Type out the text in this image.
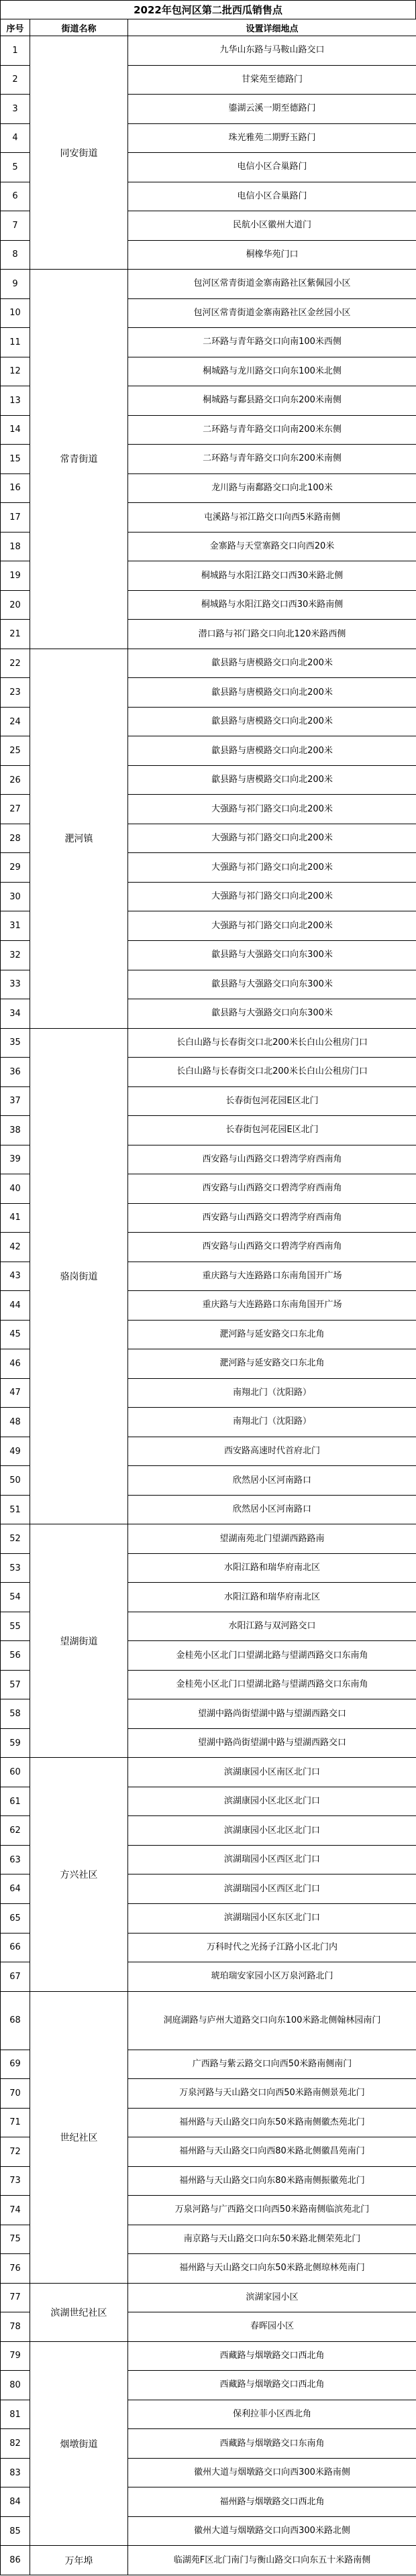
2022年包河区第二批西瓜销售点
序号	街道名称	设置详细地点
1	同安街道	九华山东路与马鞍山路交口
2		甘棠苑至德路门
3		鎏湖云溪一期至德路门
4		珠光雅苑二期野玉路门
5		电信小区合巢路门
6		电信小区合巢路门
7		民航小区徽州大道门
8		桐橡华苑门口
9	常青街道	包河区常青街道金寨南路社区紫佩园小区
10		包河区常青街道金寨南路社区金丝园小区
11		二环路与青年路交口向南100米西侧
12		桐城路与龙川路交口向东100米北侧
13		桐城路与鄱县路交口向东200米南侧
14		二环路与青年路交口向南200米东侧
15		二环路与青年路交口向东200米南侧
16		龙川路与南鄱路交口向北100米
17		屯溪路与祁江路交口向西5米路南侧
18		金寨路与天堂寨路交口向西20米
19		桐城路与水阳江路交口西30米路北侧
20		桐城路与水阳江路交口西30米路南侧
21		潜口路与祁门路交口向北120米路西侧
22	淝河镇	歙县路与唐模路交口向北200米
23		歙县路与唐模路交口向北200米
24		歙县路与唐模路交口向北200米
25		歙县路与唐模路交口向北200米
26		歙县路与唐模路交口向北200米
27		大强路与祁门路交口向北200米
28		大强路与祁门路交口向北200米
29		大强路与祁门路交口向北200米
30		大强路与祁门路交口向北200米
31		大强路与祁门路交口向北200米
32		歙县路与大强路交口向东300米
33		歙县路与大强路交口向东300米
34		歙县路与大强路交口向东300米
35	骆岗街道	长白山路与长春街交口北200米长白山公租房门口
36		长白山路与长春街交口北200米长白山公租房门口
37		长春街包河花园E区北门
38		长春街包河花园E区北门
39		西安路与山西路交口碧湾学府西南角
40		西安路与山西路交口碧湾学府西南角
41		西安路与山西路交口碧湾学府西南角
42		西安路与山西路交口碧湾学府西南角
43		重庆路与大连路路口东南角国开广场
44		重庆路与大连路路口东南角国开广场
45		淝河路与延安路交口东北角
46		淝河路与延安路交口东北角
47		南翔北门（沈阳路）
48		南翔北门（沈阳路）
49		西安路高速时代首府北门
50		欣然居小区河南路口
51		欣然居小区河南路口
52	望湖街道	望湖南苑北门望湖西路路南
53		水阳江路和瑞华府南北区
54		水阳江路和瑞华府南北区
55		水阳江路与双河路交口
56		金桂苑小区北门口望湖北路与望湖西路交口东南角
57		金桂苑小区北门口望湖北路与望湖西路交口东南角
58		望湖中路尚街望湖中路与望湖西路交口
59		望湖中路尚街望湖中路与望湖西路交口
60	方兴社区	滨湖康园小区南区北门口
61		滨湖康园小区北区北门口
62		滨湖康园小区北区北门口
63		滨湖瑞园小区西区北门口
64		滨湖瑞园小区西区北门口
65		滨湖瑞园小区东区北门口
66		万科时代之光扬子江路小区北门内
67		琥珀瑞安家园小区万泉河路北门
68	世纪社区	洞庭湖路与庐州大道路交口向东100米路北侧翰林园南门
69		广西路与紫云路交口向西50米路南侧南门
70		万泉河路与天山路交口向西50米路南侧景苑北门
71		福州路与天山路交口向东50米路南侧徽杰苑北门
72		福州路与天山路交口向西80米路北侧徽昌苑南门
73		福州路与天山路交口向东80米路南侧振徽苑北门
74		万泉河路与广西路交口向西50米路南侧临滨苑北门
75		南京路与天山路交口向东50米路北侧荣苑北门
76		福州路与天山路交口向东50米路北侧琼林苑南门
77	滨湖世纪社区	滨湖家园小区
78		春晖园小区
79	烟墩街道	西藏路与烟墩路交口西北角
80		西藏路与烟墩路交口西北角
81		保利拉菲小区西北角
82		西藏路与烟墩路交口东南角
83		徽州大道与烟墩路交口向西300米路南侧
84		福州路与烟墩路交口西北角
85		徽州大道与烟墩路交口向西300米路北侧
86	万年埠	临湖苑F区北门南门与衡山路交口向东五十米路南侧
